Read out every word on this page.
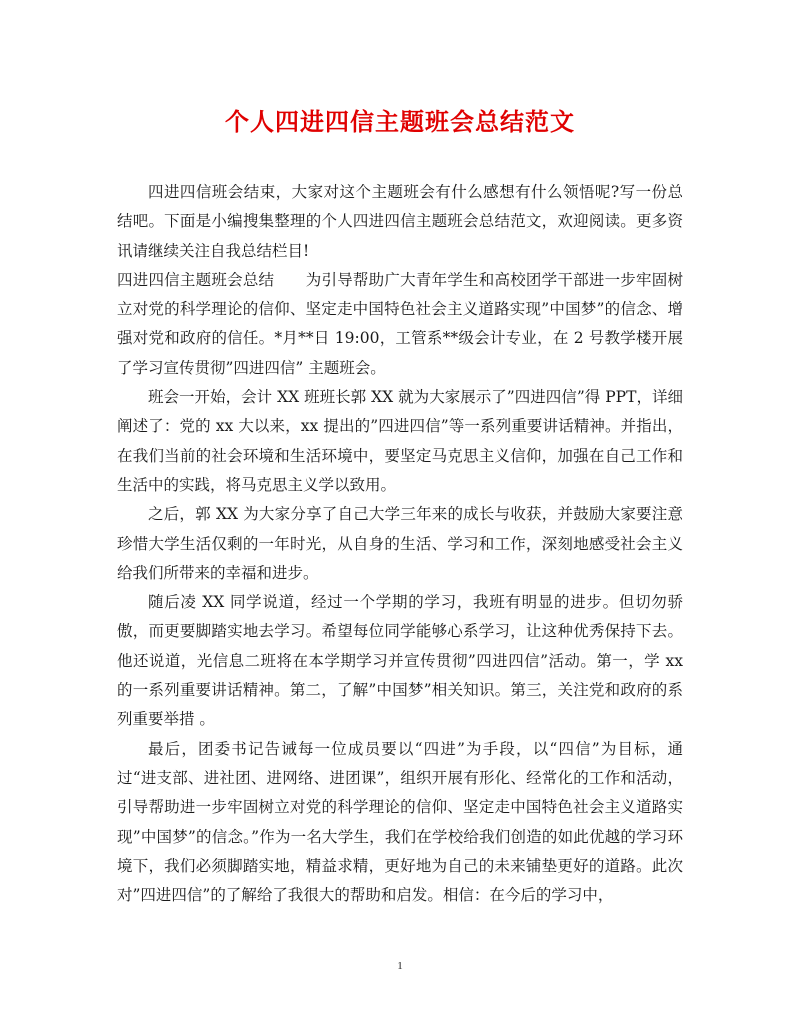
个人四进四信主题班会总结范文

四进四信班会结束，大家对这个主题班会有什么感想有什么领悟呢?写一份总结吧。下面是小编搜集整理的个人四进四信主题班会总结范文，欢迎阅读。更多资讯请继续关注自我总结栏目!

四进四信主题班会总结　　为引导帮助广大青年学生和高校团学干部进一步牢固树立对党的科学理论的信仰、坚定走中国特色社会主义道路实现”中国梦”的信念、增强对党和政府的信任。*月**日 19:00，工管系**级会计专业，在 2 号教学楼开展了学习宣传贯彻”四进四信” 主题班会。

班会一开始，会计 XX 班班长郭 XX 就为大家展示了”四进四信”得 PPT，详细阐述了：党的 xx 大以来，xx 提出的”四进四信”等一系列重要讲话精神。并指出，在我们当前的社会环境和生活环境中，要坚定马克思主义信仰，加强在自己工作和生活中的实践，将马克思主义学以致用。

之后，郭 XX 为大家分享了自己大学三年来的成长与收获，并鼓励大家要注意珍惜大学生活仅剩的一年时光，从自身的生活、学习和工作，深刻地感受社会主义给我们所带来的幸福和进步。

随后凌 XX 同学说道，经过一个学期的学习，我班有明显的进步。但切勿骄傲，而更要脚踏实地去学习。希望每位同学能够心系学习，让这种优秀保持下去。他还说道，光信息二班将在本学期学习并宣传贯彻”四进四信”活动。第一，学 xx 的一系列重要讲话精神。第二，了解”中国梦”相关知识。第三，关注党和政府的系列重要举措 。

最后，团委书记告诫每一位成员要以“四进”为手段，以“四信”为目标，通过“进支部、进社团、进网络、进团课”，组织开展有形化、经常化的工作和活动，引导帮助进一步牢固树立对党的科学理论的信仰、坚定走中国特色社会主义道路实现”中国梦”的信念。”作为一名大学生，我们在学校给我们创造的如此优越的学习环境下，我们必须脚踏实地，精益求精，更好地为自己的未来铺垫更好的道路。此次对”四进四信”的了解给了我很大的帮助和启发。相信：在今后的学习中，

1
